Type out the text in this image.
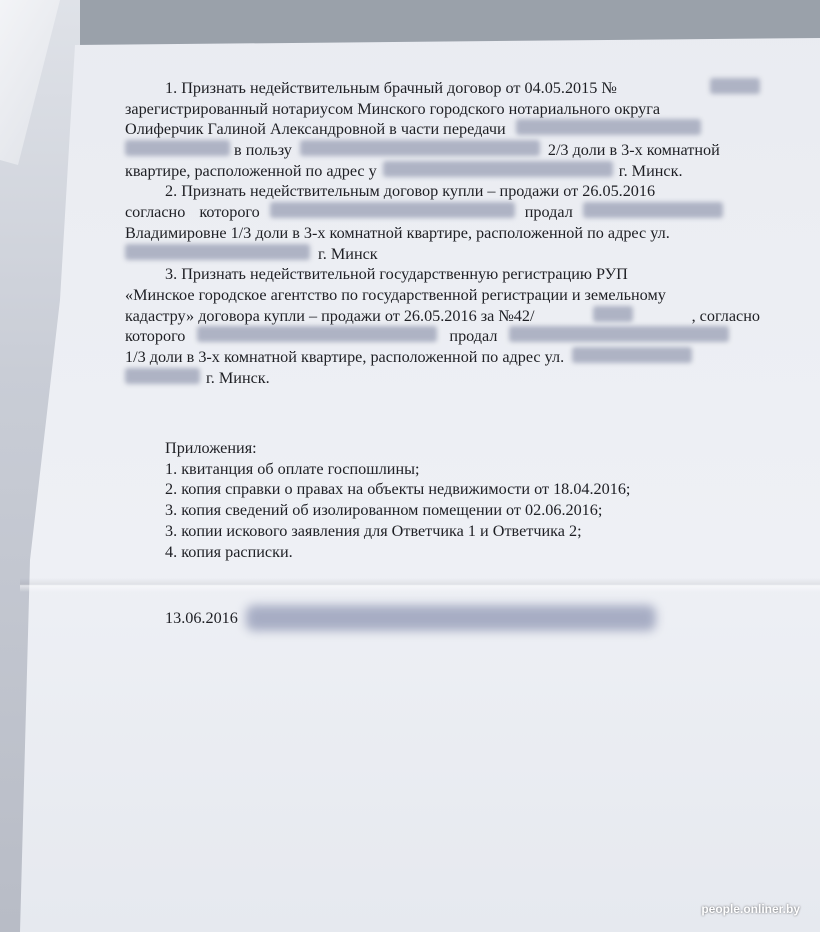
1. Признать недействительным брачный договор от 04.05.2015 №
зарегистрированный нотариусом Минского городского нотариального округа
Олиферчик Галиной Александровной в части передачи
в пользу	2/3 доли в 3-х комнатной
квартире, расположенной по адрес у	г. Минск.
2. Признать недействительным договор купли – продажи от 26.05.2016
согласно которого	продал
Владимировне 1/3 доли в 3-х комнатной квартире, расположенной по адрес ул.
г. Минск
3. Признать недействительной государственную регистрацию РУП
«Минское городское агентство по государственной регистрации и земельному
кадастру» договора купли – продажи от 26.05.2016 за №42/	, согласно
которого	продал
1/3 доли в 3-х комнатной квартире, расположенной по адрес ул.
г. Минск.
Приложения:
1. квитанция об оплате госпошлины;
2. копия справки о правах на объекты недвижимости от 18.04.2016;
3. копия сведений об изолированном помещении от 02.06.2016;
3. копии искового заявления для Ответчика 1 и Ответчика 2;
4. копия расписки.
13.06.2016
people.onliner.by
